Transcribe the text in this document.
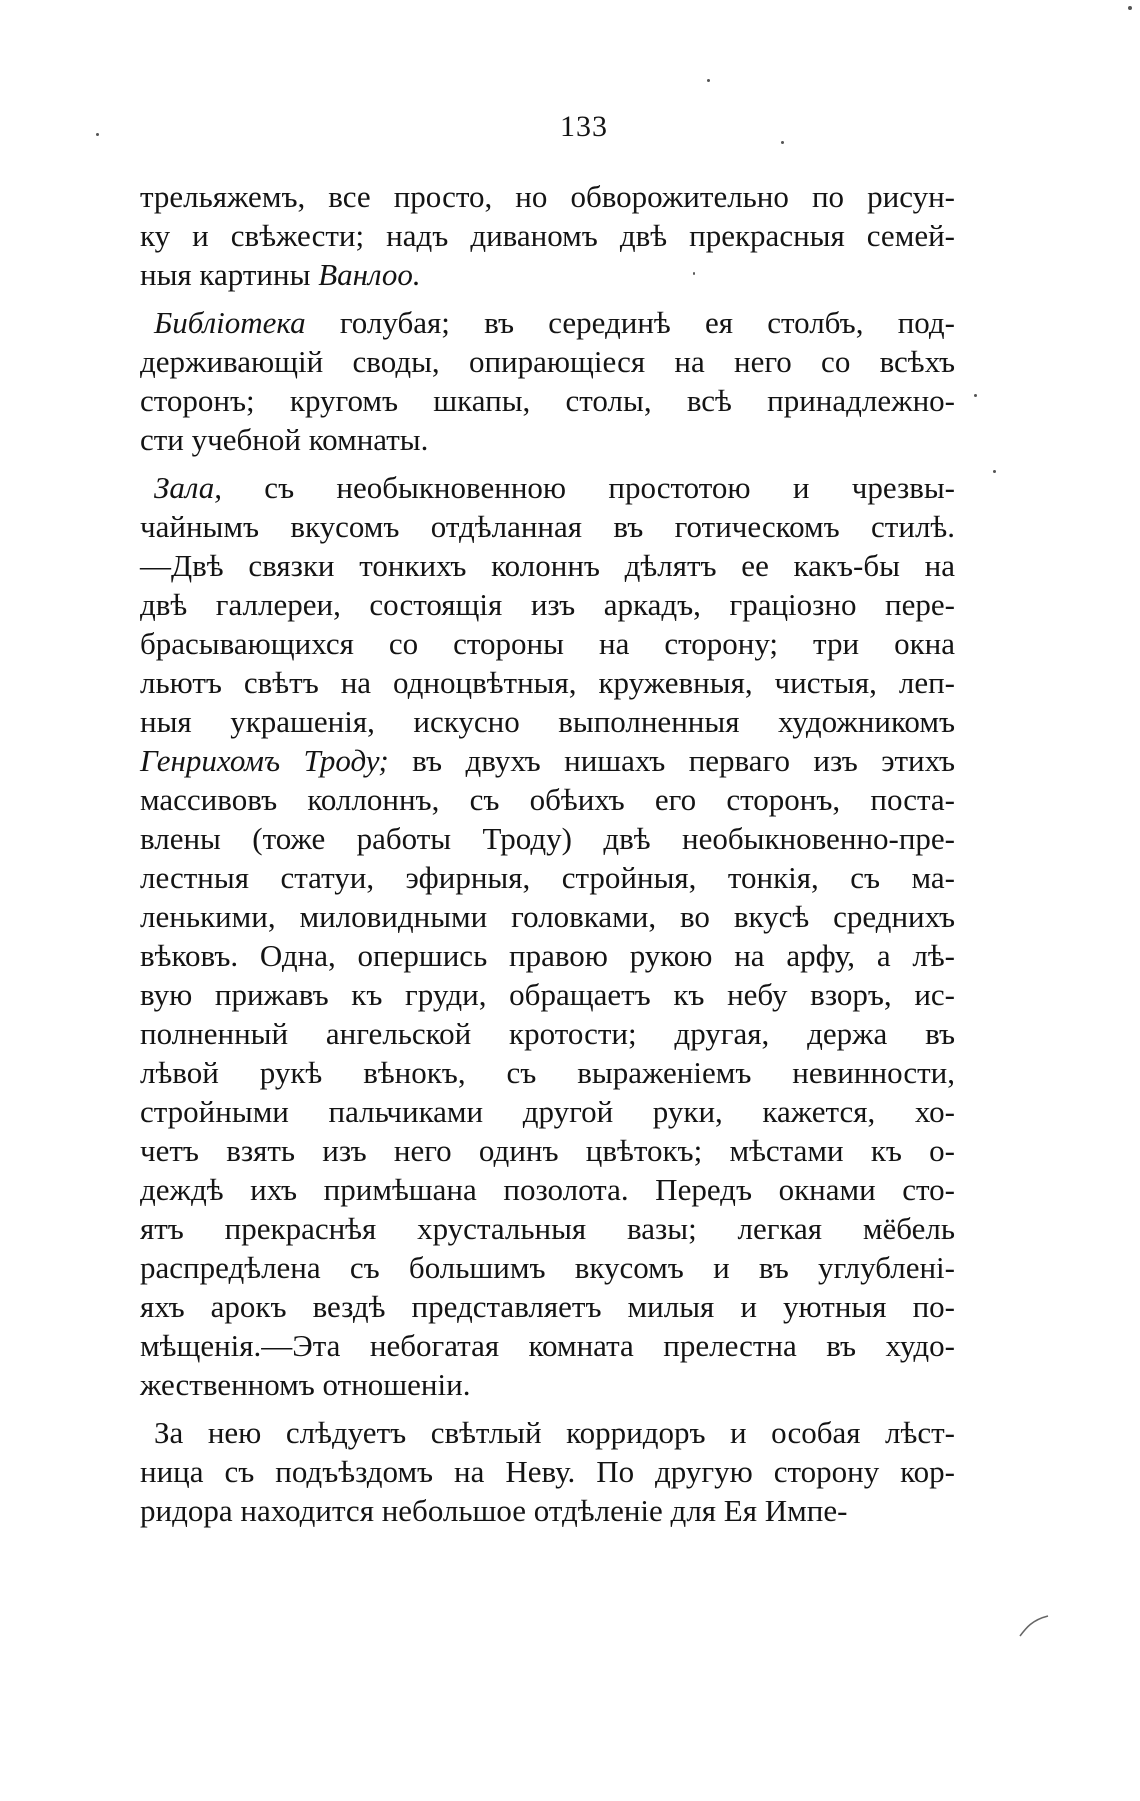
133
трельяжемъ, все просто, но обворожительно по рисун-
ку и свѣжести; надъ диваномъ двѣ прекрасныя семей-
ныя картины Ванлоо.
Библіотека голубая; въ серединѣ ея столбъ, под-
держивающій своды, опирающіеся на него со всѣхъ
сторонъ; кругомъ шкапы, столы, всѣ принадлежно-
сти учебной комнаты.
Зала, съ необыкновенною простотою и чрезвы-
чайнымъ вкусомъ отдѣланная въ готическомъ стилѣ.
—Двѣ связки тонкихъ колоннъ дѣлятъ ее какъ-бы на
двѣ галлереи, состоящія изъ аркадъ, граціозно пере-
брасывающихся со стороны на сторону; три окна
льютъ свѣтъ на одноцвѣтныя, кружевныя, чистыя, леп-
ныя украшенія, искусно выполненныя художникомъ
Генрихомъ Троду; въ двухъ нишахъ перваго изъ этихъ
массивовъ коллоннъ, съ обѣихъ его сторонъ, поста-
влены (тоже работы Троду) двѣ необыкновенно-пре-
лестныя статуи, эфирныя, стройныя, тонкія, съ ма-
ленькими, миловидными головками, во вкусѣ среднихъ
вѣковъ. Одна, опершись правою рукою на арфу, а лѣ-
вую прижавъ къ груди, обращаетъ къ небу взоръ, ис-
полненный ангельской кротости; другая, держа въ
лѣвой рукѣ вѣнокъ, съ выраженіемъ невинности,
стройными пальчиками другой руки, кажется, хо-
четъ взять изъ него одинъ цвѣтокъ; мѣстами къ о-
деждѣ ихъ примѣшана позолота. Передъ окнами сто-
ятъ прекраснѣя хрустальныя вазы; легкая мёбель
распредѣлена съ большимъ вкусомъ и въ углубленi-
яхъ арокъ вездѣ представляетъ милыя и уютныя по-
мѣщенiя.—Эта небогатая комната прелестна въ худо-
жественномъ отношенiи.
За нею слѣдуетъ свѣтлый корридоръ и особая лѣст-
ница съ подъѣздомъ на Неву. По другую сторону кор-
ридора находится небольшое отдѣленіе для Ея Импе-
